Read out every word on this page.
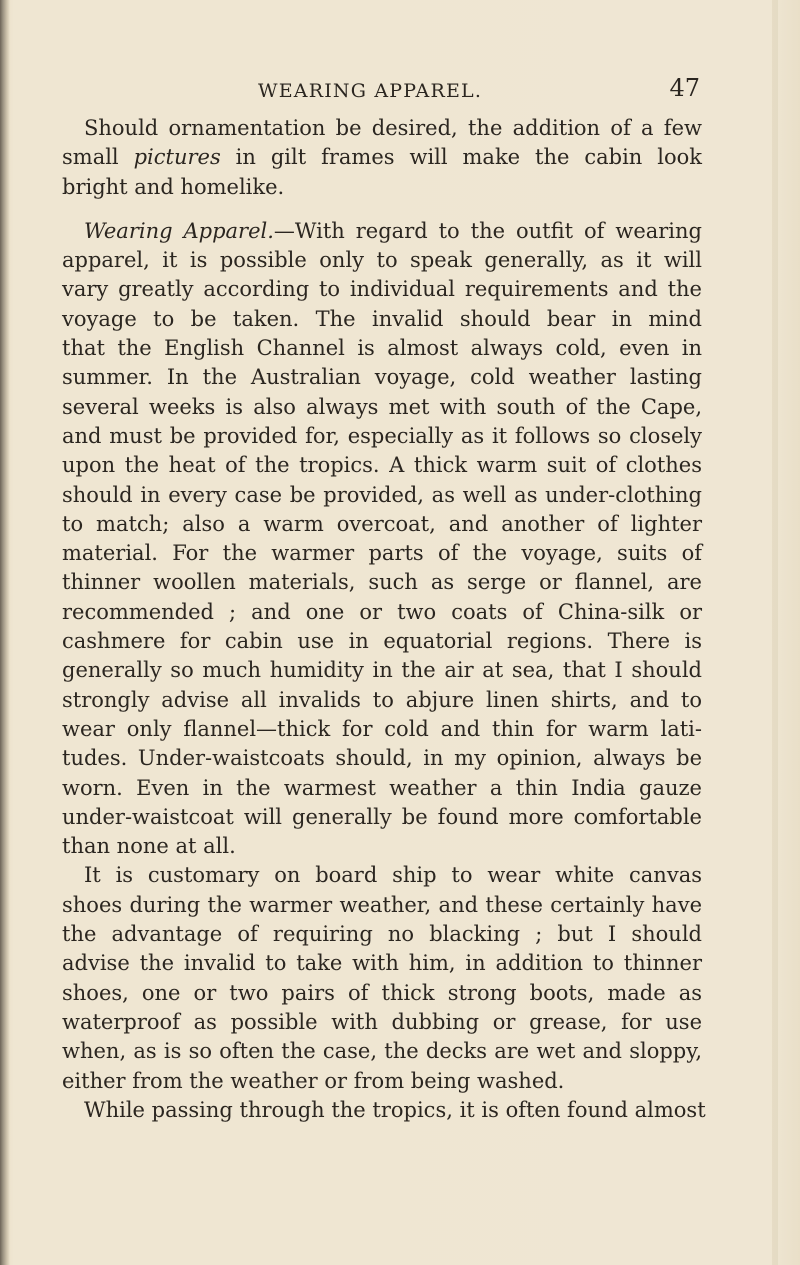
WEARING APPAREL.	47
Should ornamentation be desired, the addition of a few
small pictures in gilt frames will make the cabin look
bright and homelike.
Wearing Apparel.—With regard to the outfit of wearing
apparel, it is possible only to speak generally, as it will
vary greatly according to individual requirements and the
voyage to be taken. The invalid should bear in mind
that the English Channel is almost always cold, even in
summer. In the Australian voyage, cold weather lasting
several weeks is also always met with south of the Cape,
and must be provided for, especially as it follows so closely
upon the heat of the tropics. A thick warm suit of clothes
should in every case be provided, as well as under-clothing
to match; also a warm overcoat, and another of lighter
material. For the warmer parts of the voyage, suits of
thinner woollen materials, such as serge or flannel, are
recommended ; and one or two coats of China-silk or
cashmere for cabin use in equatorial regions. There is
generally so much humidity in the air at sea, that I should
strongly advise all invalids to abjure linen shirts, and to
wear only flannel—thick for cold and thin for warm lati-
tudes. Under-waistcoats should, in my opinion, always be
worn. Even in the warmest weather a thin India gauze
under-waistcoat will generally be found more comfortable
than none at all.
It is customary on board ship to wear white canvas
shoes during the warmer weather, and these certainly have
the advantage of requiring no blacking ; but I should
advise the invalid to take with him, in addition to thinner
shoes, one or two pairs of thick strong boots, made as
waterproof as possible with dubbing or grease, for use
when, as is so often the case, the decks are wet and sloppy,
either from the weather or from being washed.
While passing through the tropics, it is often found almost
